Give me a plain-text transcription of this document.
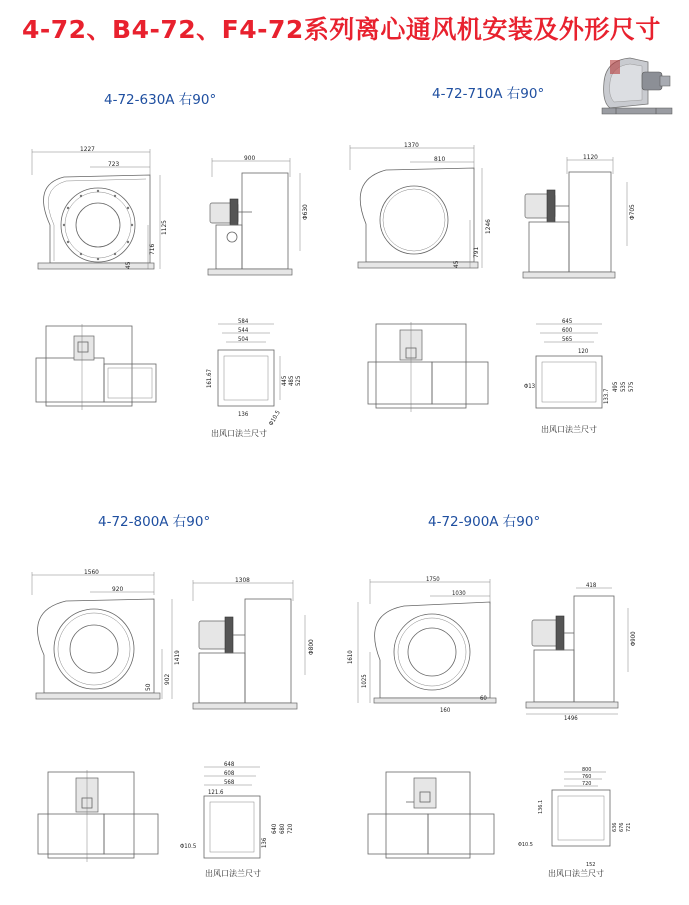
4-72、B4-72、F4-72系列离心通风机安装及外形尺寸
4-72-630A 右90°
1227
723
1125
716
45
900
Φ630
584
544
504
161.67	445 485 525
136	Φ10.5
出风口法兰尺寸
4-72-710A 右90°
1370
810
1246
791
45
1120
Φ705
645
600
565
120
Φ13
133.7
495 535 575
出风口法兰尺寸
4-72-800A 右90°
1560
920
1419
902
50
1308
Φ800
648
608
568
121.6
Φ10.5	136
640 680 720
出风口法兰尺寸
4-72-900A 右90°
1750
1030
1610
1025
60
160
418
1496
Φ900
800
760
720
136.1
Φ10.5
636 676 721
152
出风口法兰尺寸
